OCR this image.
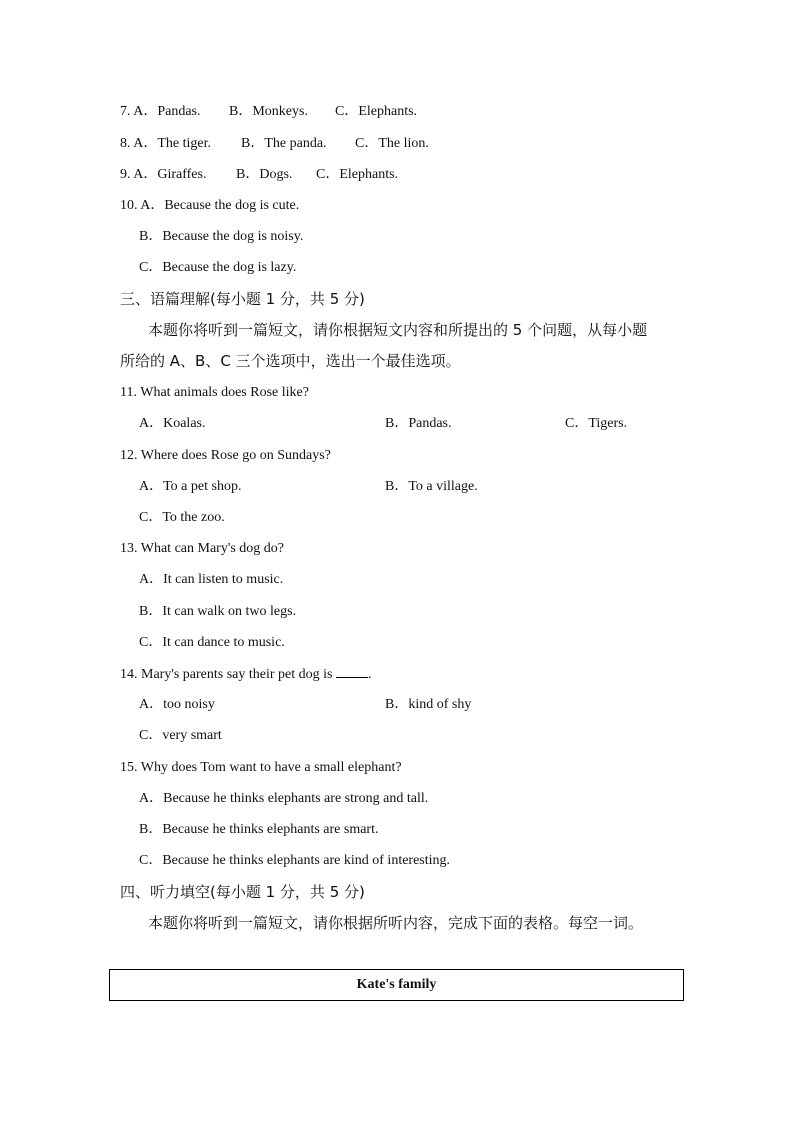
7. A．Pandas. B．Monkeys. C．Elephants.
8. A．The tiger. B．The panda. C．The lion.
9. A．Giraffes. B．Dogs. C．Elephants.
10. A．Because the dog is cute.
B．Because the dog is noisy.
C．Because the dog is lazy.
三、语篇理解(每小题 1 分，共 5 分)
本题你将听到一篇短文，请你根据短文内容和所提出的 5 个问题，从每小题
所给的 A、B、C 三个选项中，选出一个最佳选项。
11. What animals does Rose like?
A．Koalas.	B．Pandas.	C．Tigers.
12. Where does Rose go on Sundays?
A．To a pet shop.	B．To a village.
C．To the zoo.
13. What can Mary's dog do?
A．It can listen to music.
B．It can walk on two legs.
C．It can dance to music.
14. Mary's parents say their pet dog is	.
A．too noisy	B．kind of shy
C．very smart
15. Why does Tom want to have a small elephant?
A．Because he thinks elephants are strong and tall.
B．Because he thinks elephants are smart.
C．Because he thinks elephants are kind of interesting.
四、听力填空(每小题 1 分，共 5 分)
本题你将听到一篇短文，请你根据所听内容，完成下面的表格。每空一词。
Kate's family
